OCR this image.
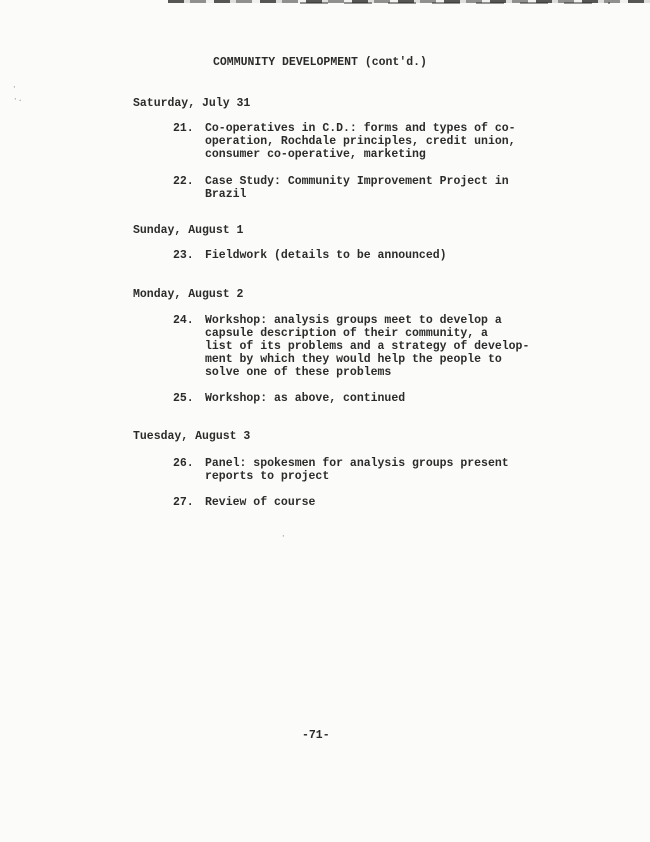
·
·.
·
COMMUNITY DEVELOPMENT (cont'd.)
Saturday, July 31
21. Co-operatives in C.D.: forms and types of co-
operation, Rochdale principles, credit union,
consumer co-operative, marketing
22. Case Study: Community Improvement Project in
Brazil
Sunday, August 1
23. Fieldwork (details to be announced)
Monday, August 2
24. Workshop: analysis groups meet to develop a
capsule description of their community, a
list of its problems and a strategy of develop-
ment by which they would help the people to
solve one of these problems
25. Workshop: as above, continued
Tuesday, August 3
26. Panel: spokesmen for analysis groups present
reports to project
27. Review of course
-71-
